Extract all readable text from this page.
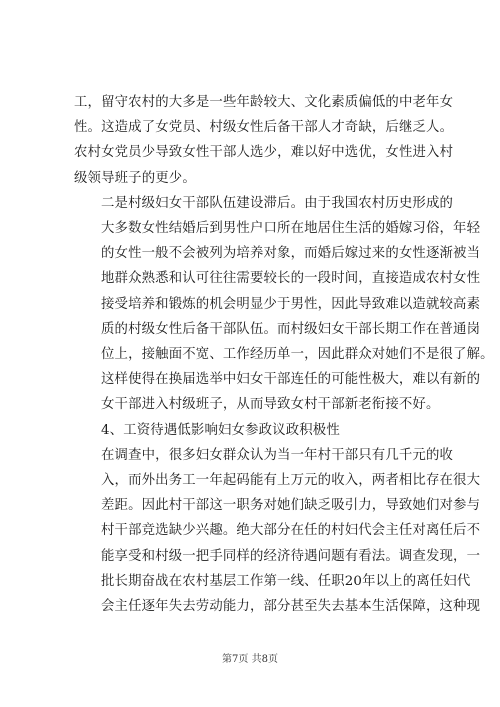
工，留守农村的大多是一些年龄较大、文化素质偏低的中老年女
性。这造成了女党员、村级女性后备干部人才奇缺，后继乏人。
农村女党员少导致女性干部人选少，难以好中选优，女性进入村
级领导班子的更少。

二是村级妇女干部队伍建设滞后。由于我国农村历史形成的
大多数女性结婚后到男性户口所在地居住生活的婚嫁习俗，年轻
的女性一般不会被列为培养对象，而婚后嫁过来的女性逐渐被当
地群众熟悉和认可往往需要较长的一段时间，直接造成农村女性
接受培养和锻炼的机会明显少于男性，因此导致难以造就较高素
质的村级女性后备干部队伍。而村级妇女干部长期工作在普通岗
位上，接触面不宽、工作经历单一，因此群众对她们不是很了解。
这样使得在换届选举中妇女干部连任的可能性极大，难以有新的
女干部进入村级班子，从而导致女村干部新老衔接不好。

4、工资待遇低影响妇女参政议政积极性

在调查中，很多妇女群众认为当一年村干部只有几千元的收
入，而外出务工一年起码能有上万元的收入，两者相比存在很大
差距。因此村干部这一职务对她们缺乏吸引力，导致她们对参与
村干部竞选缺少兴趣。绝大部分在任的村妇代会主任对离任后不
能享受和村级一把手同样的经济待遇问题有看法。调查发现，一
批长期奋战在农村基层工作第一线、任职20年以上的离任妇代
会主任逐年失去劳动能力，部分甚至失去基本生活保障，这种现

第7页 共8页
